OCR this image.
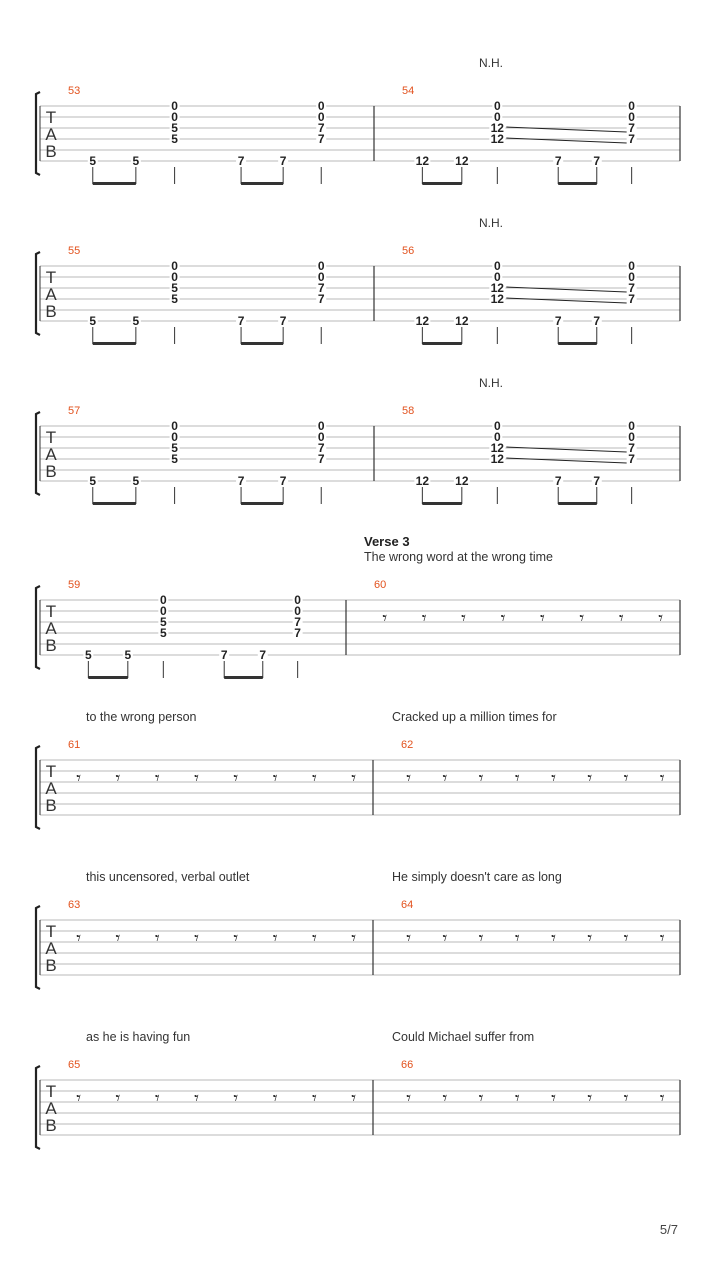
T
A
B
53
5	5
0
0
5
5
7	7
0
0
7
7
54
12 12
0
0
12
12
7	7
0
0
7
7
T
A
B
55
5	5
0
0
5
5
7	7
0
0
7
7
56
12 12
0
0
12
12
7	7
0
0
7
7
T
A
B
57
5	5
0
0
5
5
7	7
0
0
7
7
58
12 12
0
0
12
12
7	7
0
0
7
7
T
A
B
59
5	5
0
0
5
5
7	7
0
0
7
7
60
𝄾 𝄾 𝄾 𝄾 𝄾 𝄾 𝄾 𝄾
T
A
B
61
𝄾 𝄾 𝄾 𝄾 𝄾 𝄾 𝄾 𝄾
62
𝄾 𝄾 𝄾 𝄾 𝄾 𝄾 𝄾 𝄾
T
A
B
63
𝄾 𝄾 𝄾 𝄾 𝄾 𝄾 𝄾 𝄾
64
𝄾 𝄾 𝄾 𝄾 𝄾 𝄾 𝄾 𝄾
T
A
B
65
𝄾 𝄾 𝄾 𝄾 𝄾 𝄾 𝄾 𝄾
66
𝄾 𝄾 𝄾 𝄾 𝄾 𝄾 𝄾 𝄾
5/7
N.H.
N.H.
N.H.
Verse 3
The wrong word at the wrong time
to the wrong person	Cracked up a million times for
this uncensored, verbal outlet	He simply doesn't care as long
as he is having fun	Could Michael suffer from
